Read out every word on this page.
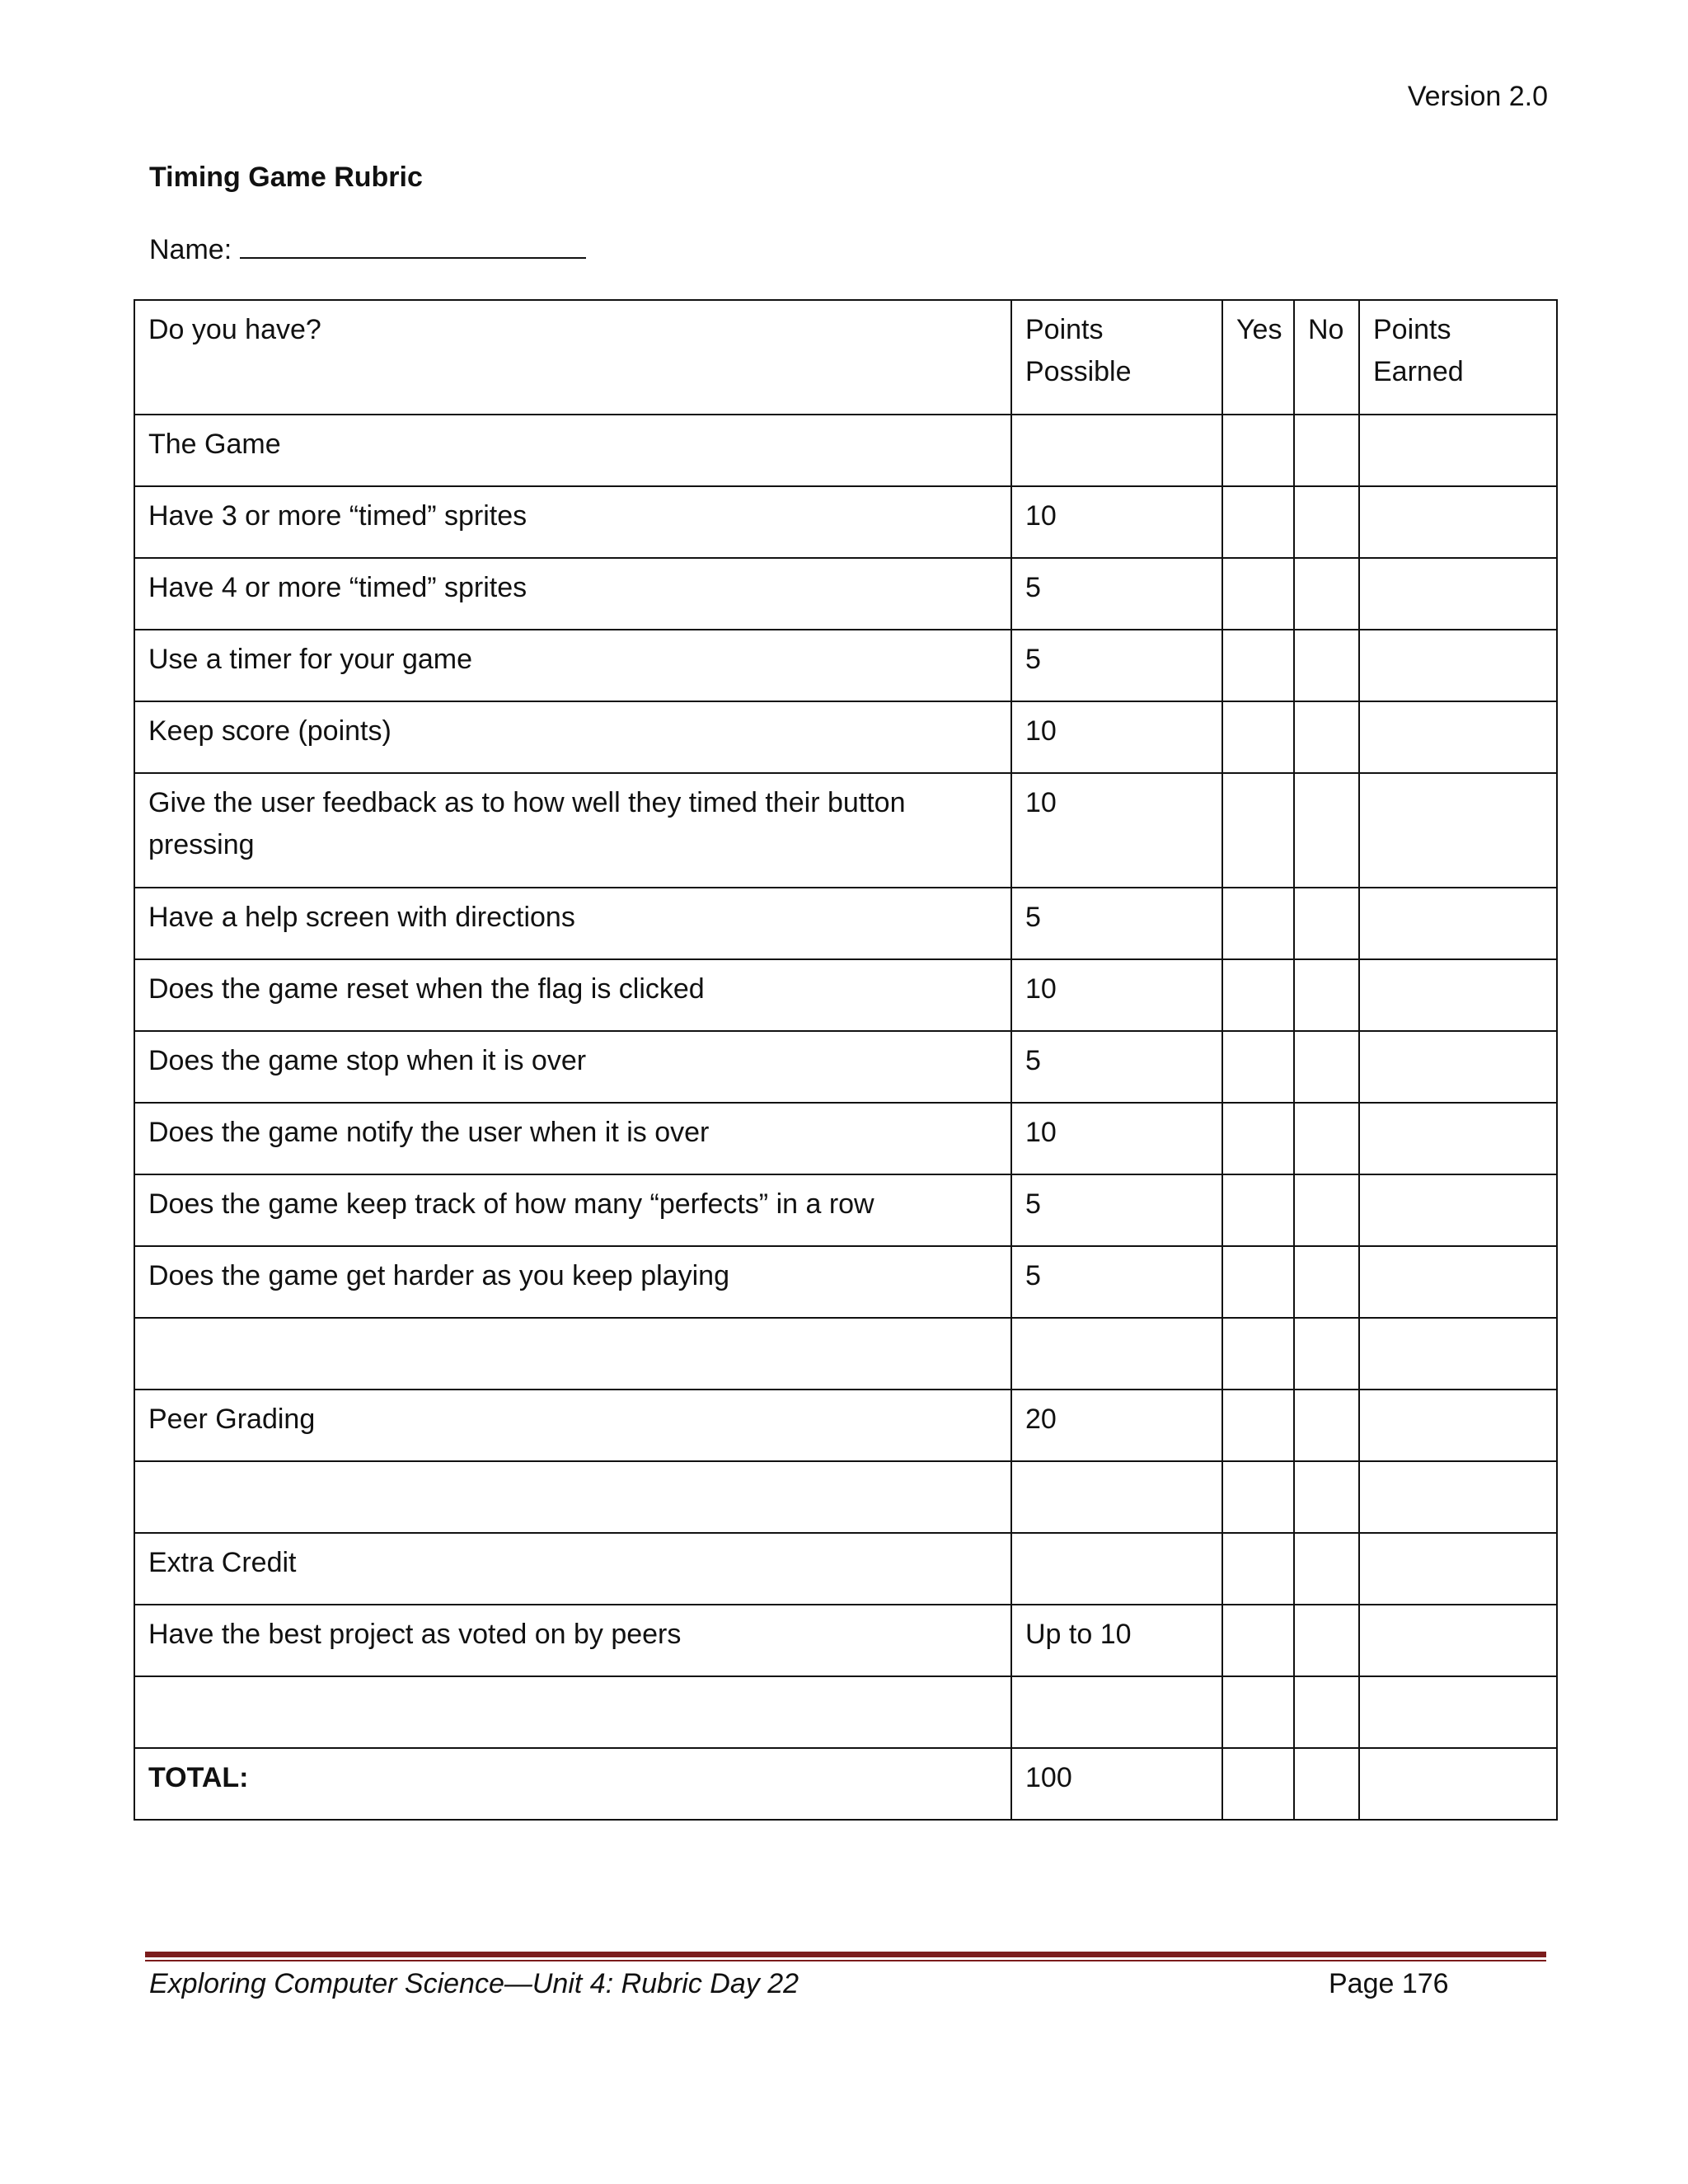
Version 2.0
Timing Game Rubric
Name:
Do you have?	Points Possible	Yes	No	Points Earned
The Game				
Have 3 or more “timed” sprites	10			
Have 4 or more “timed” sprites	5			
Use a timer for your game	5			
Keep score (points)	10			
Give the user feedback as to how well they timed their button pressing	10			
Have a help screen with directions	5			
Does the game reset when the flag is clicked	10			
Does the game stop when it is over	5			
Does the game notify the user when it is over	10			
Does the game keep track of how many “perfects” in a row	5			
Does the game get harder as you keep playing	5			

Peer Grading	20			

Extra Credit				
Have the best project as voted on by peers	Up to 10			

TOTAL:	100			
Exploring Computer Science—Unit 4: Rubric Day 22	Page 176
